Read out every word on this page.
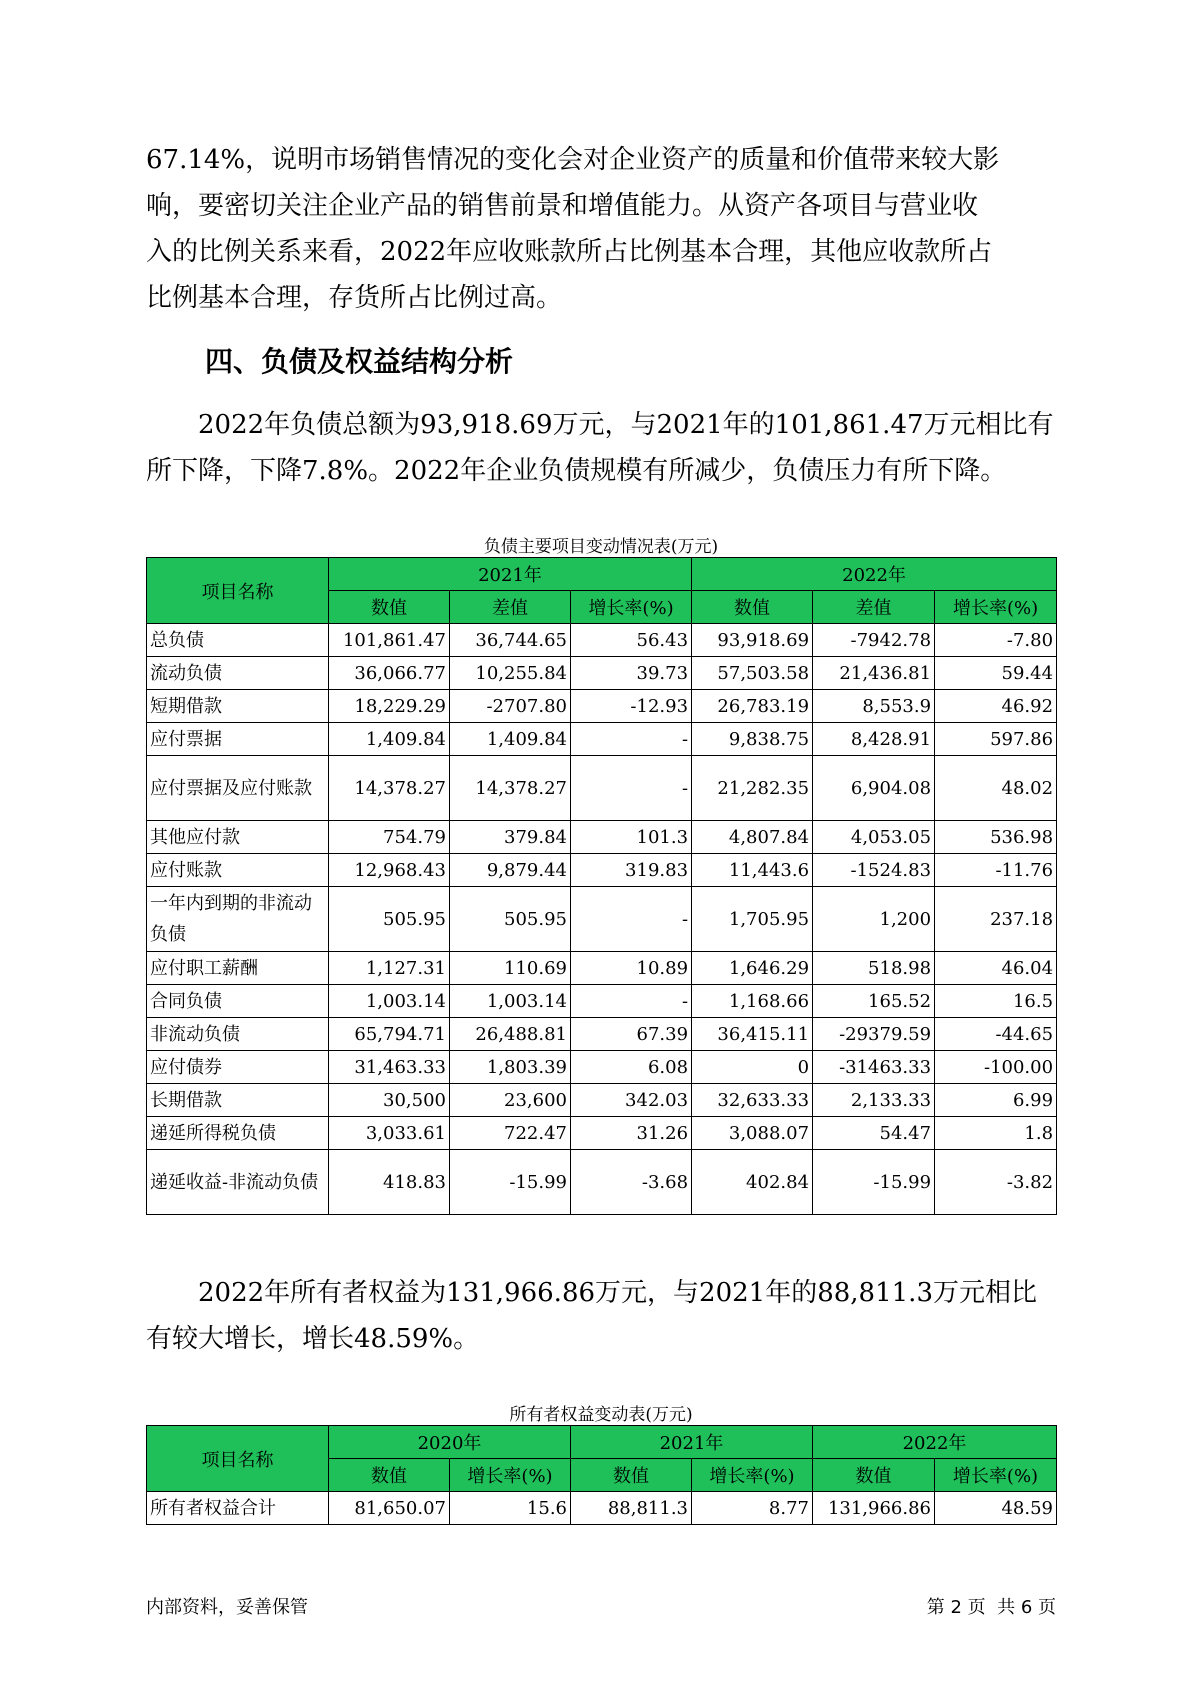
67.14%，说明市场销售情况的变化会对企业资产的质量和价值带来较大影
响，要密切关注企业产品的销售前景和增值能力。从资产各项目与营业收
入的比例关系来看，2022年应收账款所占比例基本合理，其他应收款所占
比例基本合理，存货所占比例过高。
四、负债及权益结构分析
2022年负债总额为93,918.69万元，与2021年的101,861.47万元相比有
所下降，下降7.8%。2022年企业负债规模有所减少，负债压力有所下降。

负债主要项目变动情况表(万元)

项目名称	2021年			2022年		
	数值	差值	增长率(%)	数值	差值	增长率(%)
总负债	101,861.47	36,744.65	56.43	93,918.69	-7942.78	-7.80
流动负债	36,066.77	10,255.84	39.73	57,503.58	21,436.81	59.44
短期借款	18,229.29	-2707.80	-12.93	26,783.19	8,553.9	46.92
应付票据	1,409.84	1,409.84	-	9,838.75	8,428.91	597.86
应付票据及应付账款	14,378.27	14,378.27	-	21,282.35	6,904.08	48.02
其他应付款	754.79	379.84	101.3	4,807.84	4,053.05	536.98
应付账款	12,968.43	9,879.44	319.83	11,443.6	-1524.83	-11.76
一年内到期的非流动负债	505.95	505.95	-	1,705.95	1,200	237.18
应付职工薪酬	1,127.31	110.69	10.89	1,646.29	518.98	46.04
合同负债	1,003.14	1,003.14	-	1,168.66	165.52	16.5
非流动负债	65,794.71	26,488.81	67.39	36,415.11	-29379.59	-44.65
应付债券	31,463.33	1,803.39	6.08	0	-31463.33	-100.00
长期借款	30,500	23,600	342.03	32,633.33	2,133.33	6.99
递延所得税负债	3,033.61	722.47	31.26	3,088.07	54.47	1.8
递延收益-非流动负债	418.83	-15.99	-3.68	402.84	-15.99	-3.82
2022年所有者权益为131,966.86万元，与2021年的88,811.3万元相比
有较大增长，增长48.59%。

所有者权益变动表(万元)

项目名称	2020年		2021年		2022年	
	数值	增长率(%)	数值	增长率(%)	数值	增长率(%)
所有者权益合计	81,650.07	15.6	88,811.3	8.77	131,966.86	48.59

内部资料，妥善保管	第 2 页  共 6 页
